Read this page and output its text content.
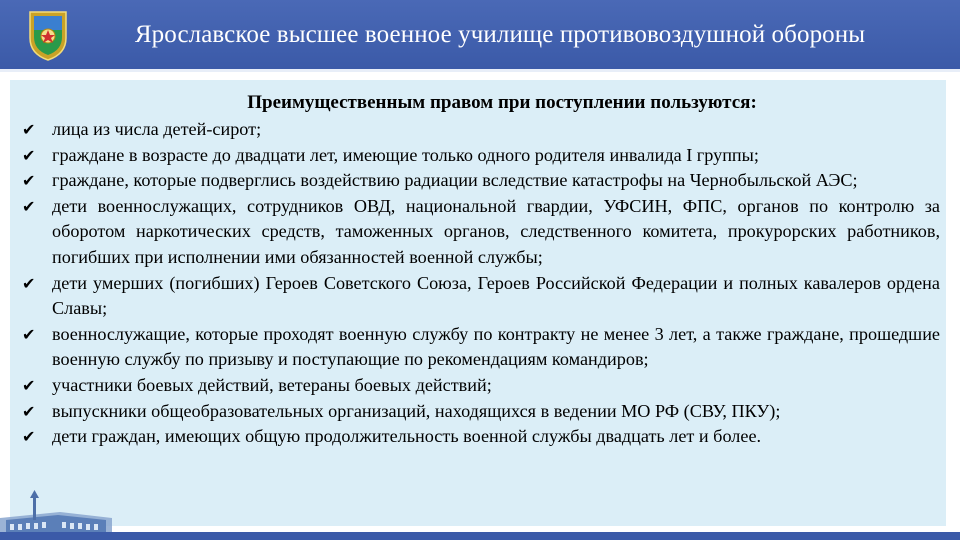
Ярославское высшее военное училище противовоздушной обороны
Преимущественным правом при поступлении пользуются:
✔ лица из числа детей-сирот;
✔ граждане в возрасте до двадцати лет, имеющие только одного родителя инвалида I группы;
✔ граждане, которые подверглись воздействию радиации вследствие катастрофы на Чернобыльской АЭС;
✔ дети военнослужащих, сотрудников ОВД, национальной гвардии, УФСИН, ФПС, органов по контролю за оборотом наркотических средств, таможенных органов, следственного комитета, прокурорских работников, погибших при исполнении ими обязанностей военной службы;
✔ дети умерших (погибших) Героев Советского Союза, Героев Российской Федерации и полных кавалеров ордена Славы;
✔ военнослужащие, которые проходят военную службу по контракту не менее 3 лет, а также граждане, прошедшие военную службу по призыву и поступающие по рекомендациям командиров;
✔ участники боевых действий, ветераны боевых действий;
✔ выпускники общеобразовательных организаций, находящихся в ведении МО РФ (СВУ, ПКУ);
✔ дети граждан, имеющих общую продолжительность военной службы двадцать лет и более.
